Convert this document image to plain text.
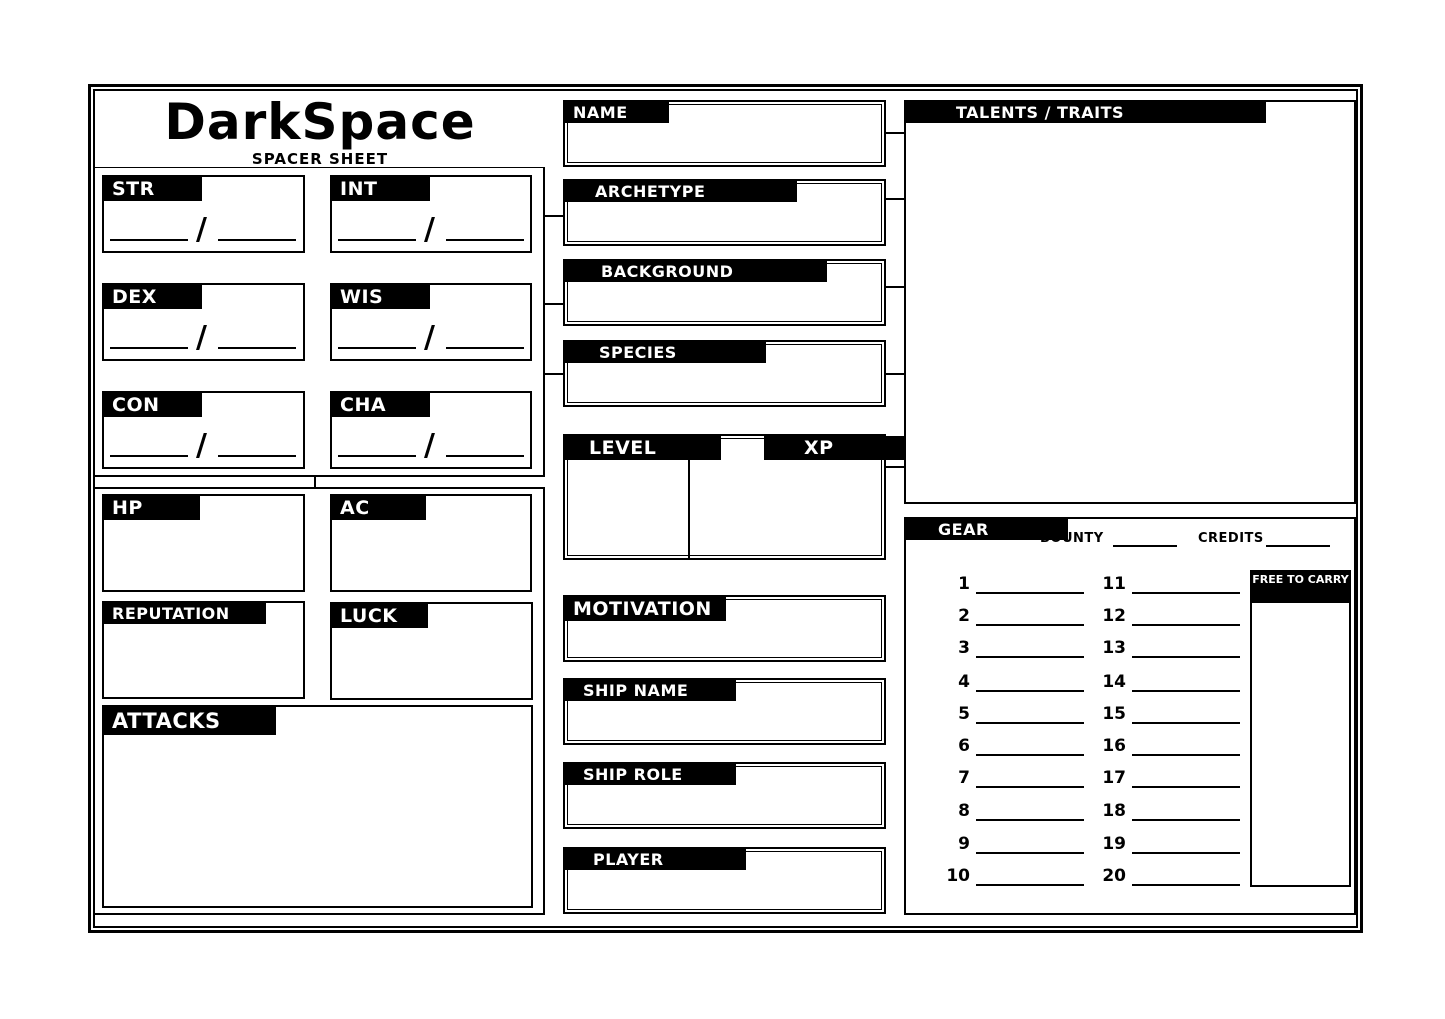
DarkSpace
SPACER SHEET
STR
/
INT
/
DEX
/
WIS
/
CON
/
CHA
/
HP	AC
REPUTATION	LUCK
ATTACKS
NAME
ARCHETYPE
BACKGROUND
SPECIES
LEVEL	XP
MOTIVATION
SHIP NAME
SHIP ROLE
PLAYER
TALENTS / TRAITS
GEAR	BOUNTY	CREDITS
FREE TO CARRY
1
2
3
4
5
6
7
8
9
10
11
12
13
14
15
16
17
18
19
20
